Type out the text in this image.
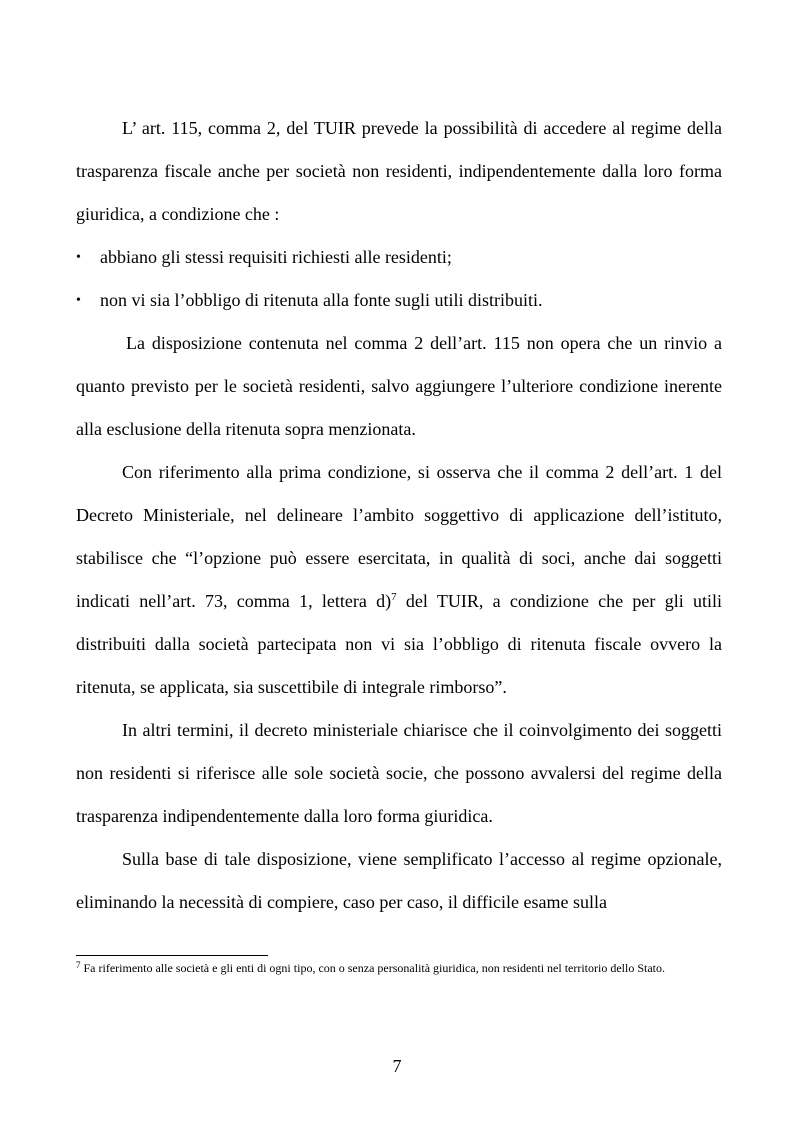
L’ art. 115, comma 2, del TUIR prevede la possibilità di accedere al regime della trasparenza fiscale anche per società non residenti, indipendentemente dalla loro forma giuridica, a condizione che :

• abbiano gli stessi requisiti richiesti alle residenti;
• non vi sia l’obbligo di ritenuta alla fonte sugli utili distribuiti.

La disposizione contenuta nel comma 2 dell’art. 115 non opera che un rinvio a quanto previsto per le società residenti, salvo aggiungere l’ulteriore condizione inerente alla esclusione della ritenuta sopra menzionata.

Con riferimento alla prima condizione, si osserva che il comma 2 dell’art. 1 del Decreto Ministeriale, nel delineare l’ambito soggettivo di applicazione dell’istituto, stabilisce che “l’opzione può essere esercitata, in qualità di soci, anche dai soggetti indicati nell’art. 73, comma 1, lettera d)$^7$ del TUIR, a condizione che per gli utili distribuiti dalla società partecipata non vi sia l’obbligo di ritenuta fiscale ovvero la ritenuta, se applicata, sia suscettibile di integrale rimborso”.

In altri termini, il decreto ministeriale chiarisce che il coinvolgimento dei soggetti non residenti si riferisce alle sole società socie, che possono avvalersi del regime della trasparenza indipendentemente dalla loro forma giuridica.

Sulla base di tale disposizione, viene semplificato l’accesso al regime opzionale, eliminando la necessità di compiere, caso per caso, il difficile esame sulla

$^7$ Fa riferimento alle società e gli enti di ogni tipo, con o senza personalità giuridica, non residenti nel territorio dello Stato.

7
